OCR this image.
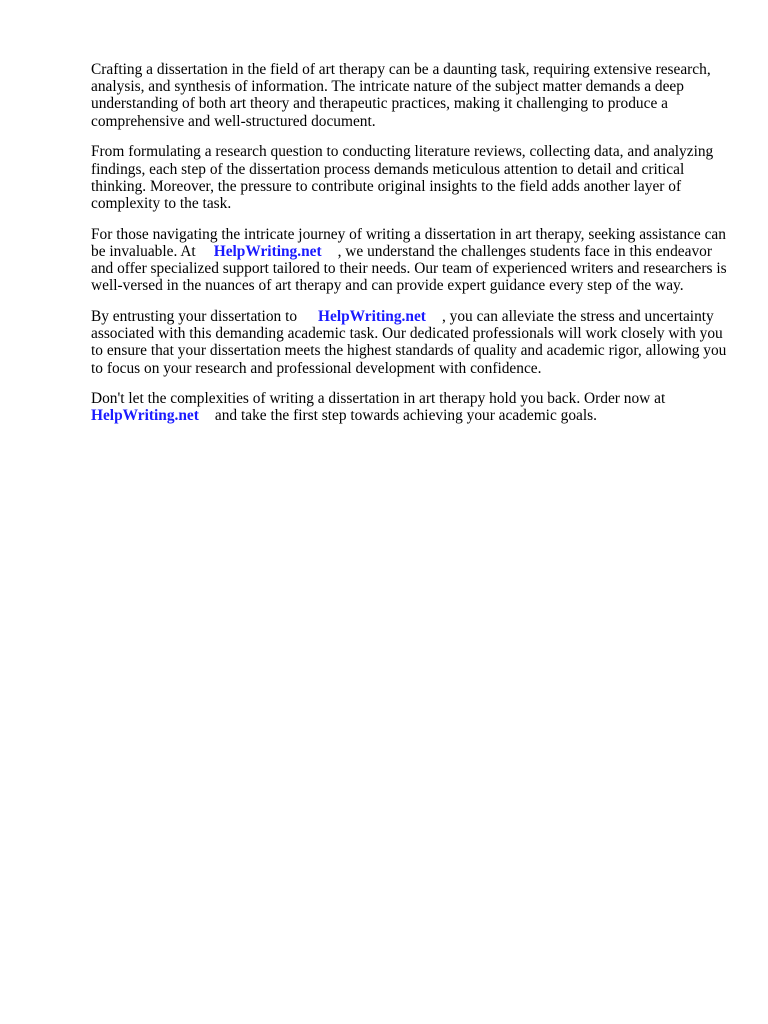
Crafting a dissertation in the field of art therapy can be a daunting task, requiring extensive research, analysis, and synthesis of information. The intricate nature of the subject matter demands a deep understanding of both art theory and therapeutic practices, making it challenging to produce a comprehensive and well-structured document.

From formulating a research question to conducting literature reviews, collecting data, and analyzing findings, each step of the dissertation process demands meticulous attention to detail and critical thinking. Moreover, the pressure to contribute original insights to the field adds another layer of complexity to the task.

For those navigating the intricate journey of writing a dissertation in art therapy, seeking assistance can be invaluable. At HelpWriting.net , we understand the challenges students face in this endeavor and offer specialized support tailored to their needs. Our team of experienced writers and researchers is well-versed in the nuances of art therapy and can provide expert guidance every step of the way.

By entrusting your dissertation to HelpWriting.net , you can alleviate the stress and uncertainty associated with this demanding academic task. Our dedicated professionals will work closely with you to ensure that your dissertation meets the highest standards of quality and academic rigor, allowing you to focus on your research and professional development with confidence.

Don't let the complexities of writing a dissertation in art therapy hold you back. Order now at
HelpWriting.net and take the first step towards achieving your academic goals.
